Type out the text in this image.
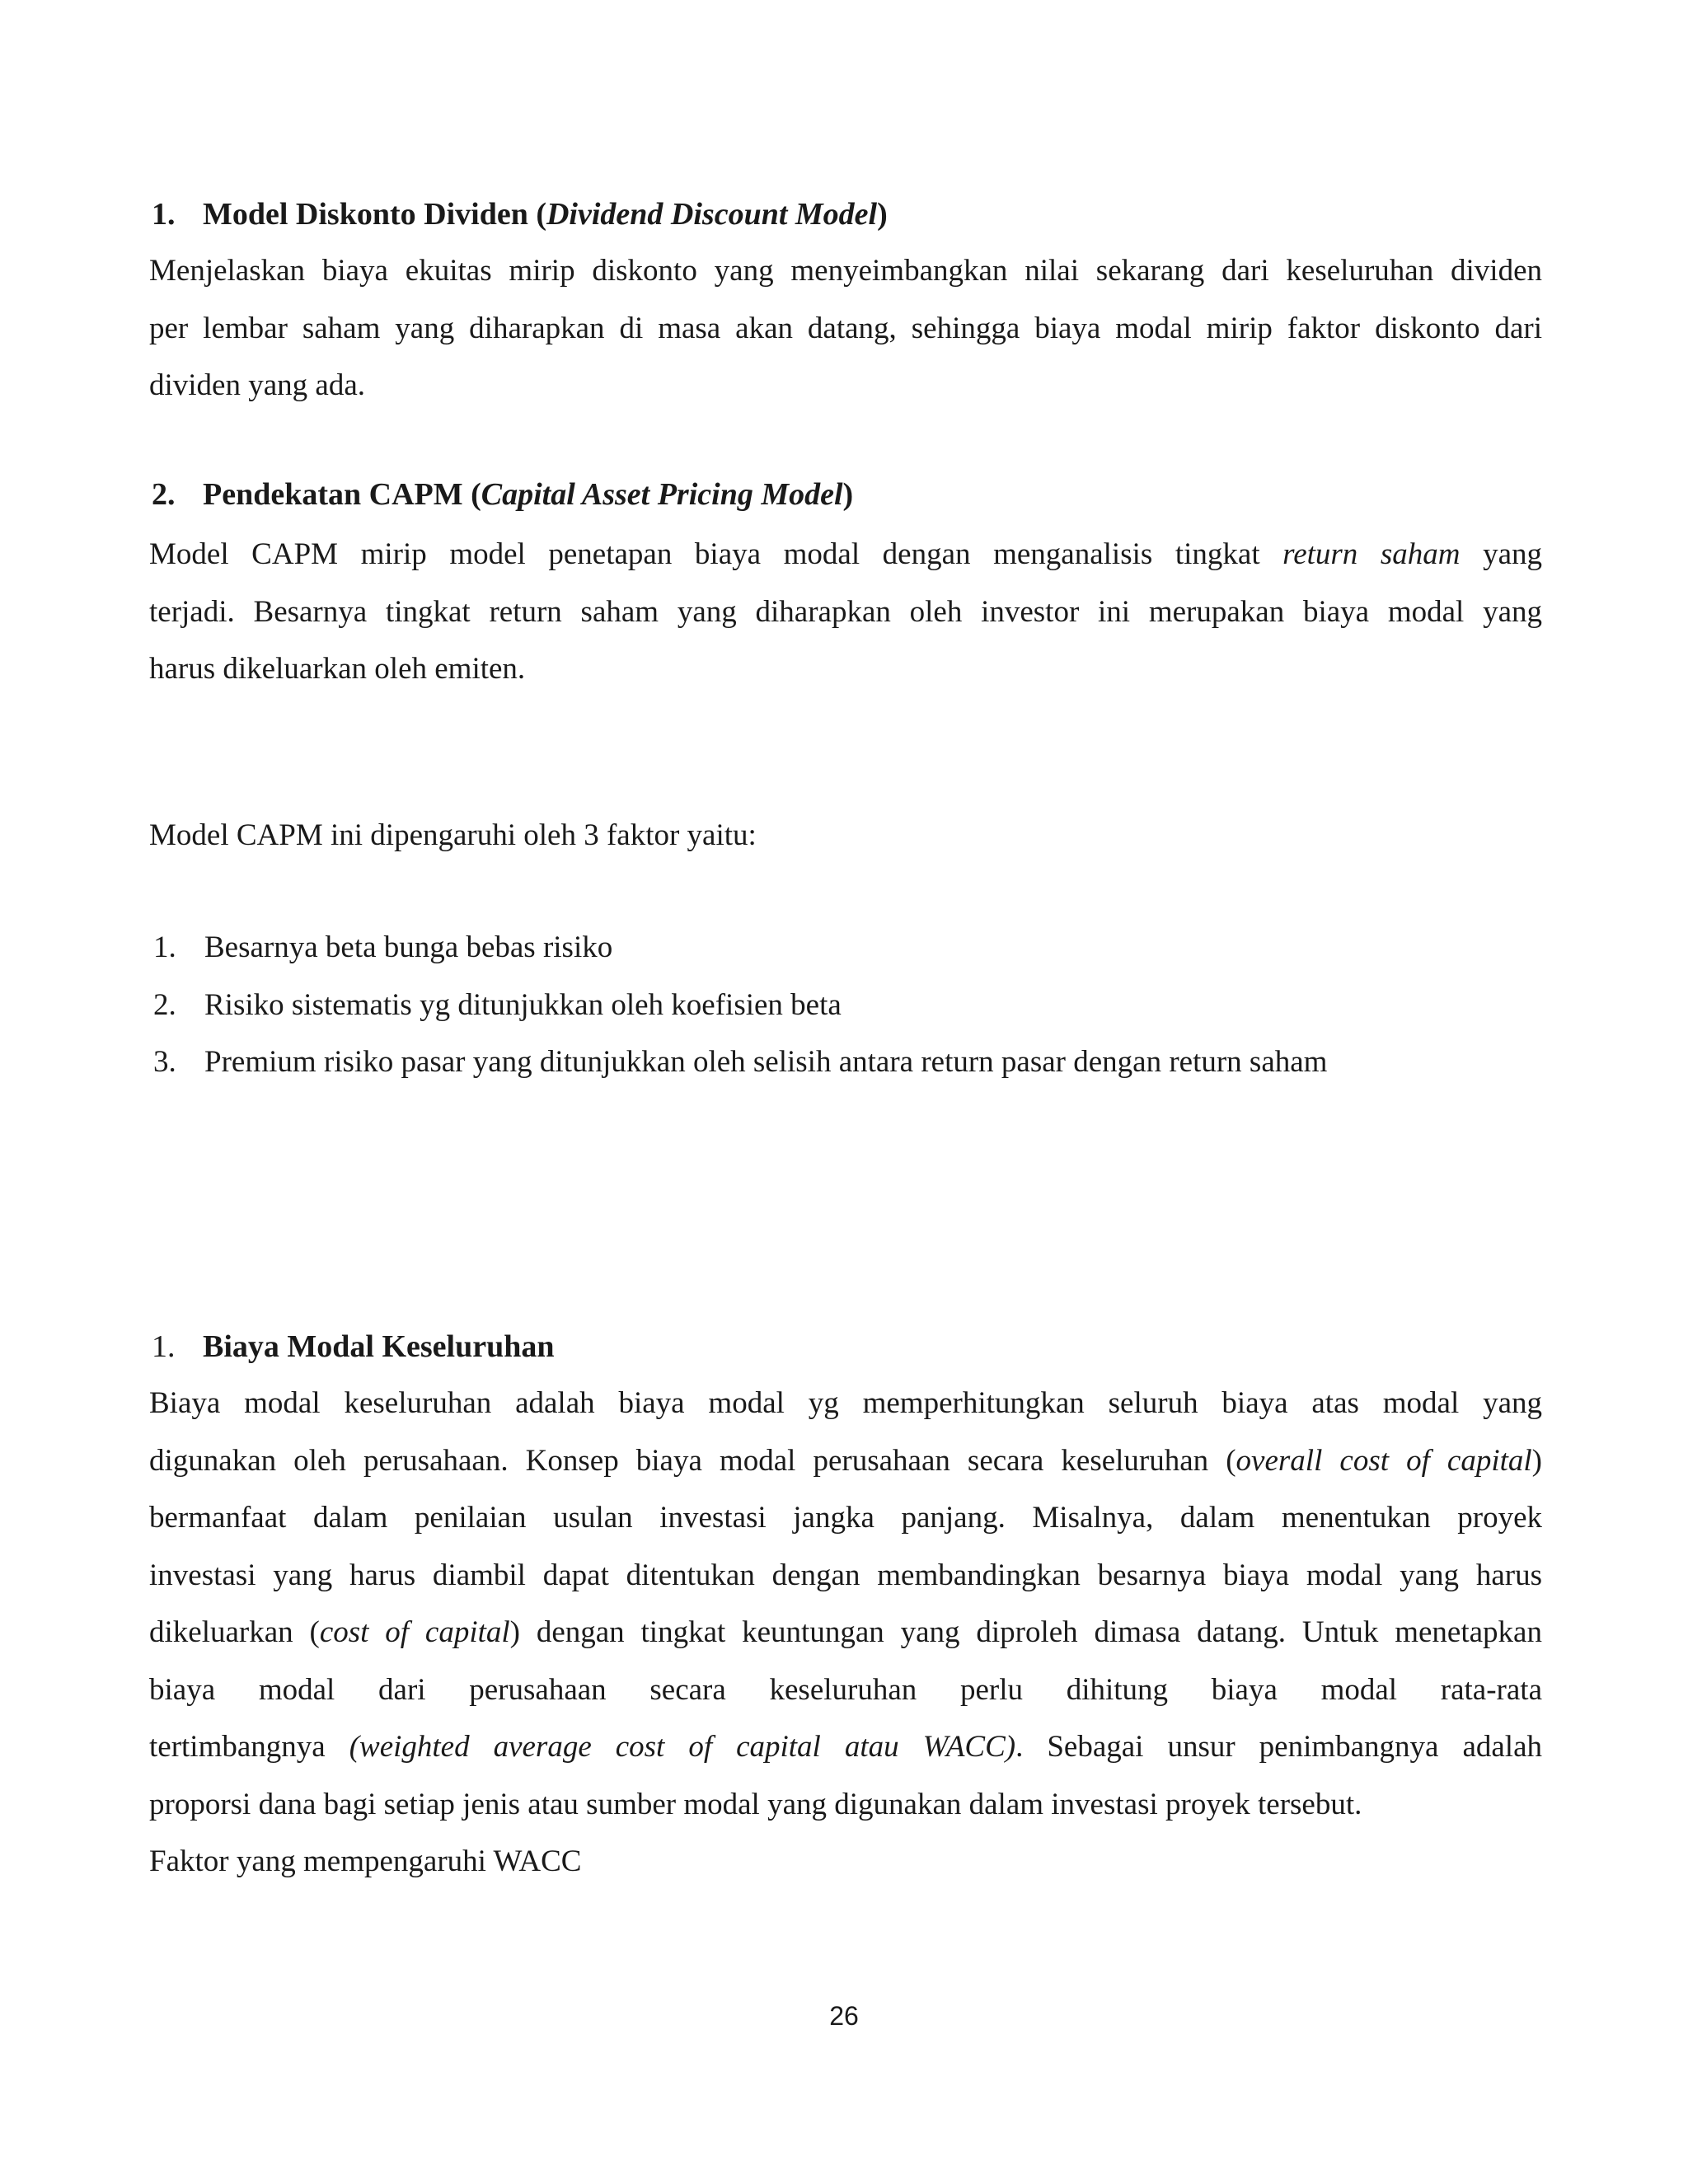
1. Model Diskonto Dividen (Dividend Discount Model)
Menjelaskan biaya ekuitas mirip diskonto yang menyeimbangkan nilai sekarang dari keseluruhan dividen
per lembar saham yang diharapkan di masa akan datang, sehingga biaya modal mirip faktor diskonto dari
dividen yang ada.
2. Pendekatan CAPM (Capital Asset Pricing Model)
Model CAPM mirip model penetapan biaya modal dengan menganalisis tingkat return saham yang
terjadi. Besarnya tingkat return saham yang diharapkan oleh investor ini merupakan biaya modal yang
harus dikeluarkan oleh emiten.
Model CAPM ini dipengaruhi oleh 3 faktor yaitu:
1. Besarnya beta bunga bebas risiko
2. Risiko sistematis yg ditunjukkan oleh koefisien beta
3. Premium risiko pasar yang ditunjukkan oleh selisih antara return pasar dengan return saham
1. Biaya Modal Keseluruhan
Biaya modal keseluruhan adalah biaya modal yg memperhitungkan seluruh biaya atas modal yang
digunakan oleh perusahaan. Konsep biaya modal perusahaan secara keseluruhan (overall cost of capital)
bermanfaat dalam penilaian usulan investasi jangka panjang. Misalnya, dalam menentukan proyek
investasi yang harus diambil dapat ditentukan dengan membandingkan besarnya biaya modal yang harus
dikeluarkan (cost of capital) dengan tingkat keuntungan yang diproleh dimasa datang. Untuk menetapkan
biaya modal dari perusahaan secara keseluruhan perlu dihitung biaya modal rata-rata
tertimbangnya (weighted average cost of capital atau WACC). Sebagai unsur penimbangnya adalah
proporsi dana bagi setiap jenis atau sumber modal yang digunakan dalam investasi proyek tersebut.
Faktor yang mempengaruhi WACC
26
